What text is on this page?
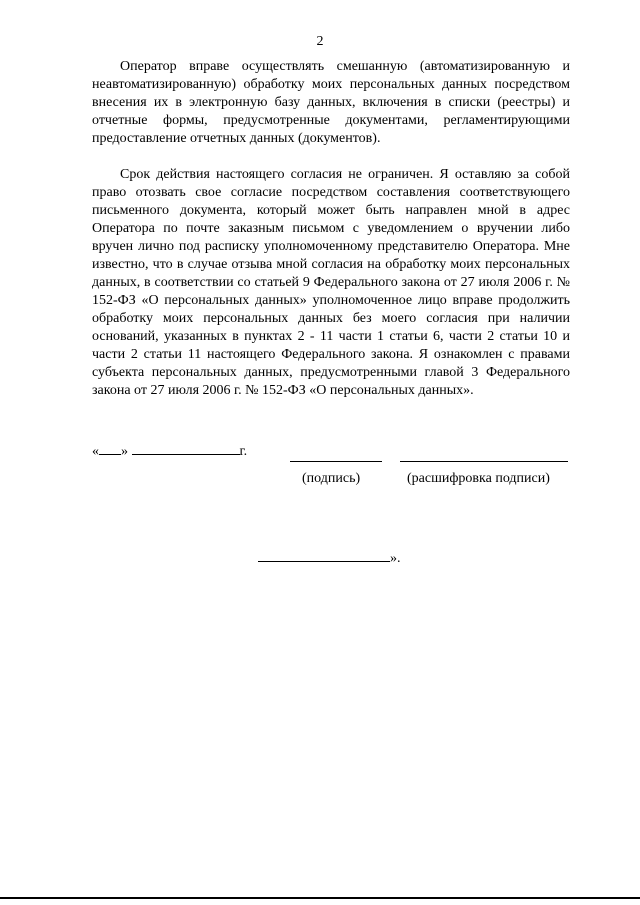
2

Оператор вправе осуществлять смешанную (автоматизированную и неавтоматизированную) обработку моих персональных данных посредством внесения их в электронную базу данных, включения в списки (реестры) и отчетные формы, предусмотренные документами, регламентирующими предоставление отчетных данных (документов).

Срок действия настоящего согласия не ограничен. Я оставляю за собой право отозвать свое согласие посредством составления соответствующего письменного документа, который может быть направлен мной в адрес Оператора по почте заказным письмом с уведомлением о вручении либо вручен лично под расписку уполномоченному представителю Оператора. Мне известно, что в случае отзыва мной согласия на обработку моих персональных данных, в соответствии со статьей 9 Федерального закона от 27 июля 2006 г. № 152-ФЗ «О персональных данных» уполномоченное лицо вправе продолжить обработку моих персональных данных без моего согласия при наличии оснований, указанных в пунктах 2 - 11 части 1 статьи 6, части 2 статьи 10 и части 2 статьи 11 настоящего Федерального закона. Я ознакомлен с правами субъекта персональных данных, предусмотренными главой 3 Федерального закона от 27 июля 2006 г. № 152-ФЗ «О персональных данных».

« »	г.
(подпись)	(расшифровка подписи)
».
